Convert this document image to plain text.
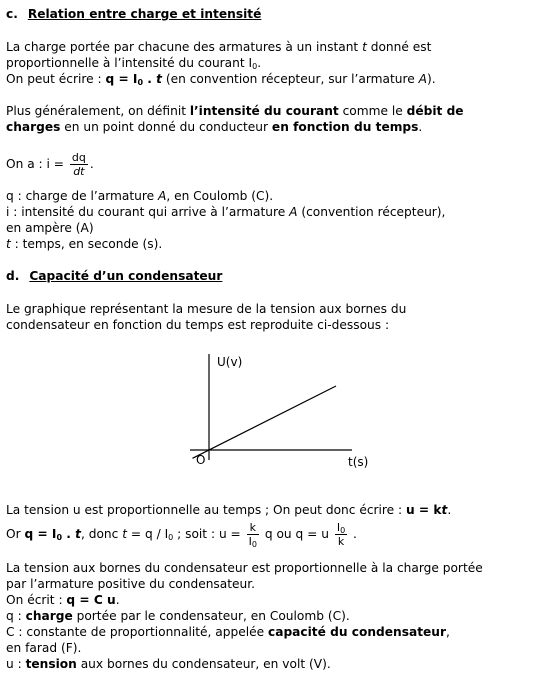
c. Relation entre charge et intensité
La charge portée par chacune des armatures à un instant t donné est
proportionnelle à l’intensité du courant $I_0$.
On peut écrire : $q = I_0$ . t (en convention récepteur, sur l’armature A).
Plus généralement, on définit l’intensité du courant comme le débit de
charges en un point donné du conducteur en fonction du temps.
On a : $i = \frac{dq}{dt}$ .
q : charge de l’armature A, en Coulomb (C).
i : intensité du courant qui arrive à l’armature A (convention récepteur),
en ampère (A)
t : temps, en seconde (s).
d. Capacité d’un condensateur
Le graphique représentant la mesure de la tension aux bornes du
condensateur en fonction du temps est reproduite ci-dessous :
U(v)
t(s)
O
La tension u est proportionnelle au temps ; On peut donc écrire : u = kt.
Or $q = I_0$ . t, donc $t = q / I_0$ ; soit : $u = \frac{k}{I_0}$ q ou q = u $\frac{I_0}{k}$ .
La tension aux bornes du condensateur est proportionnelle à la charge portée
par l’armature positive du condensateur.
On écrit : q = C u.
q : charge portée par le condensateur, en Coulomb (C).
C : constante de proportionnalité, appelée capacité du condensateur,
en farad (F).
u : tension aux bornes du condensateur, en volt (V).
